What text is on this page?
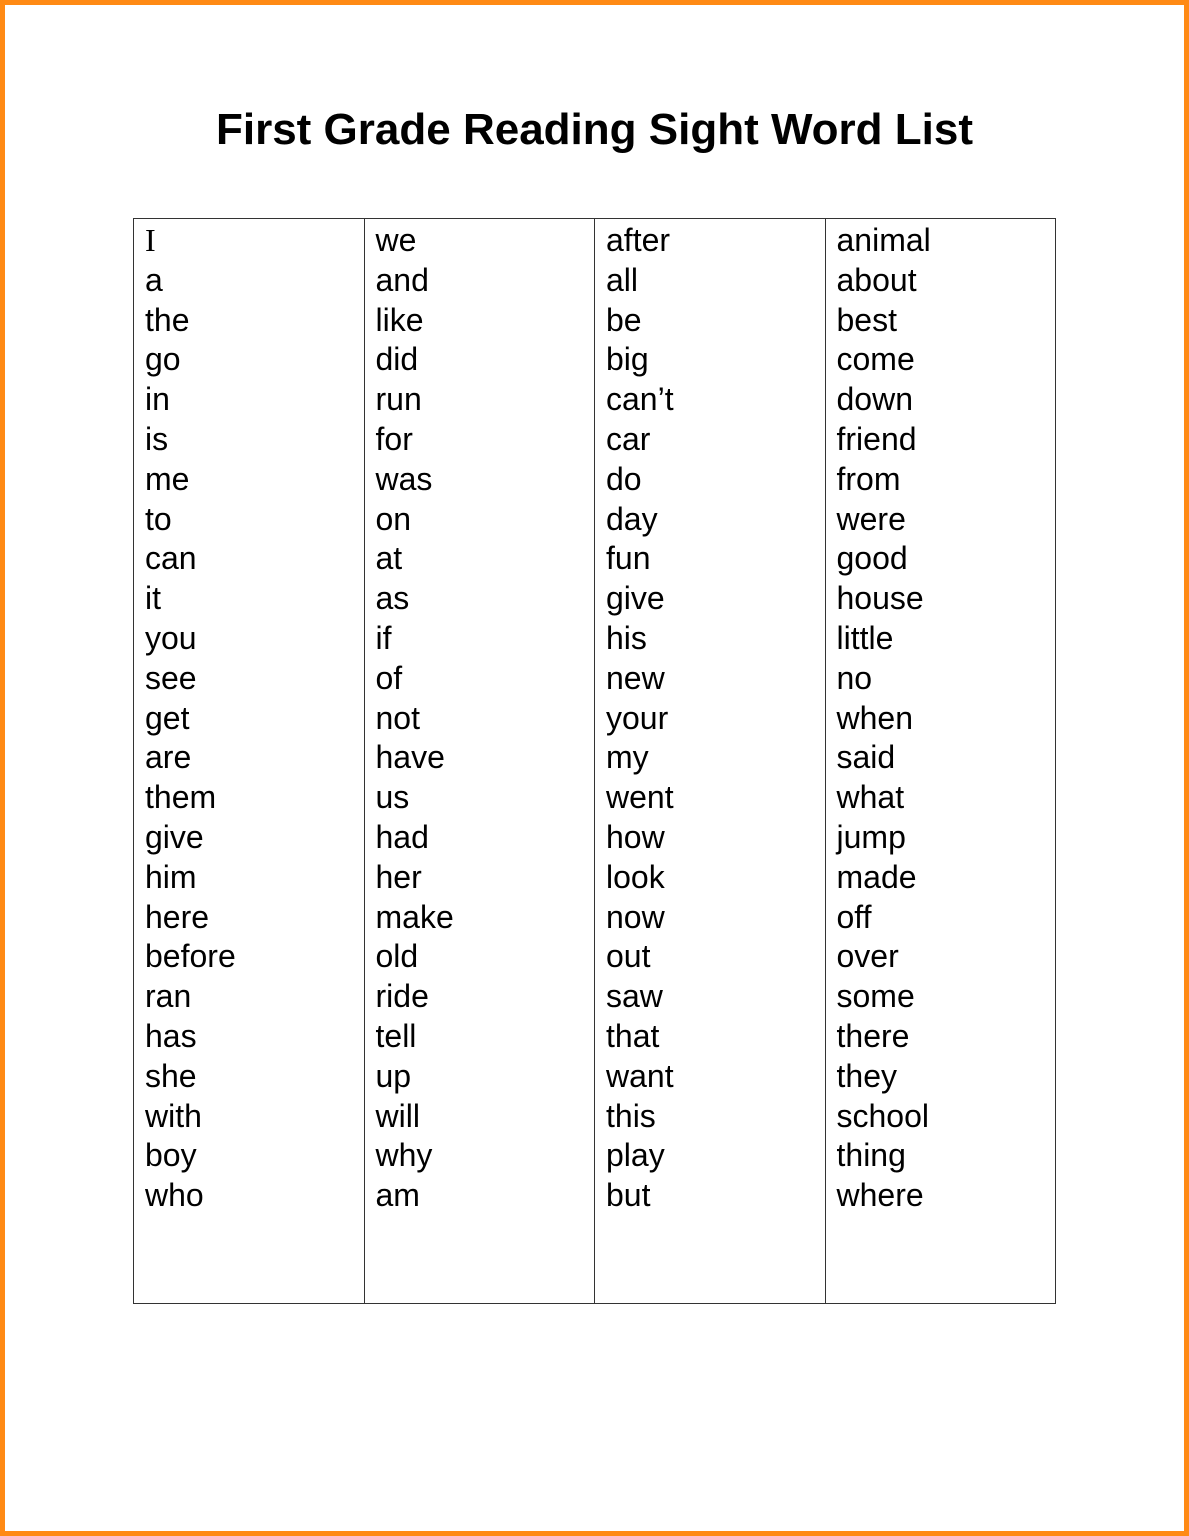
First Grade Reading Sight Word List
I
a
the
go
in
is
me
to
can
it
you
see
get
are
them
give
him
here
before
ran
has
she
with
boy
who
we
and
like
did
run
for
was
on
at
as
if
of
not
have
us
had
her
make
old
ride
tell
up
will
why
am
after
all
be
big
can’t
car
do
day
fun
give
his
new
your
my
went
how
look
now
out
saw
that
want
this
play
but
animal
about
best
come
down
friend
from
were
good
house
little
no
when
said
what
jump
made
off
over
some
there
they
school
thing
where
